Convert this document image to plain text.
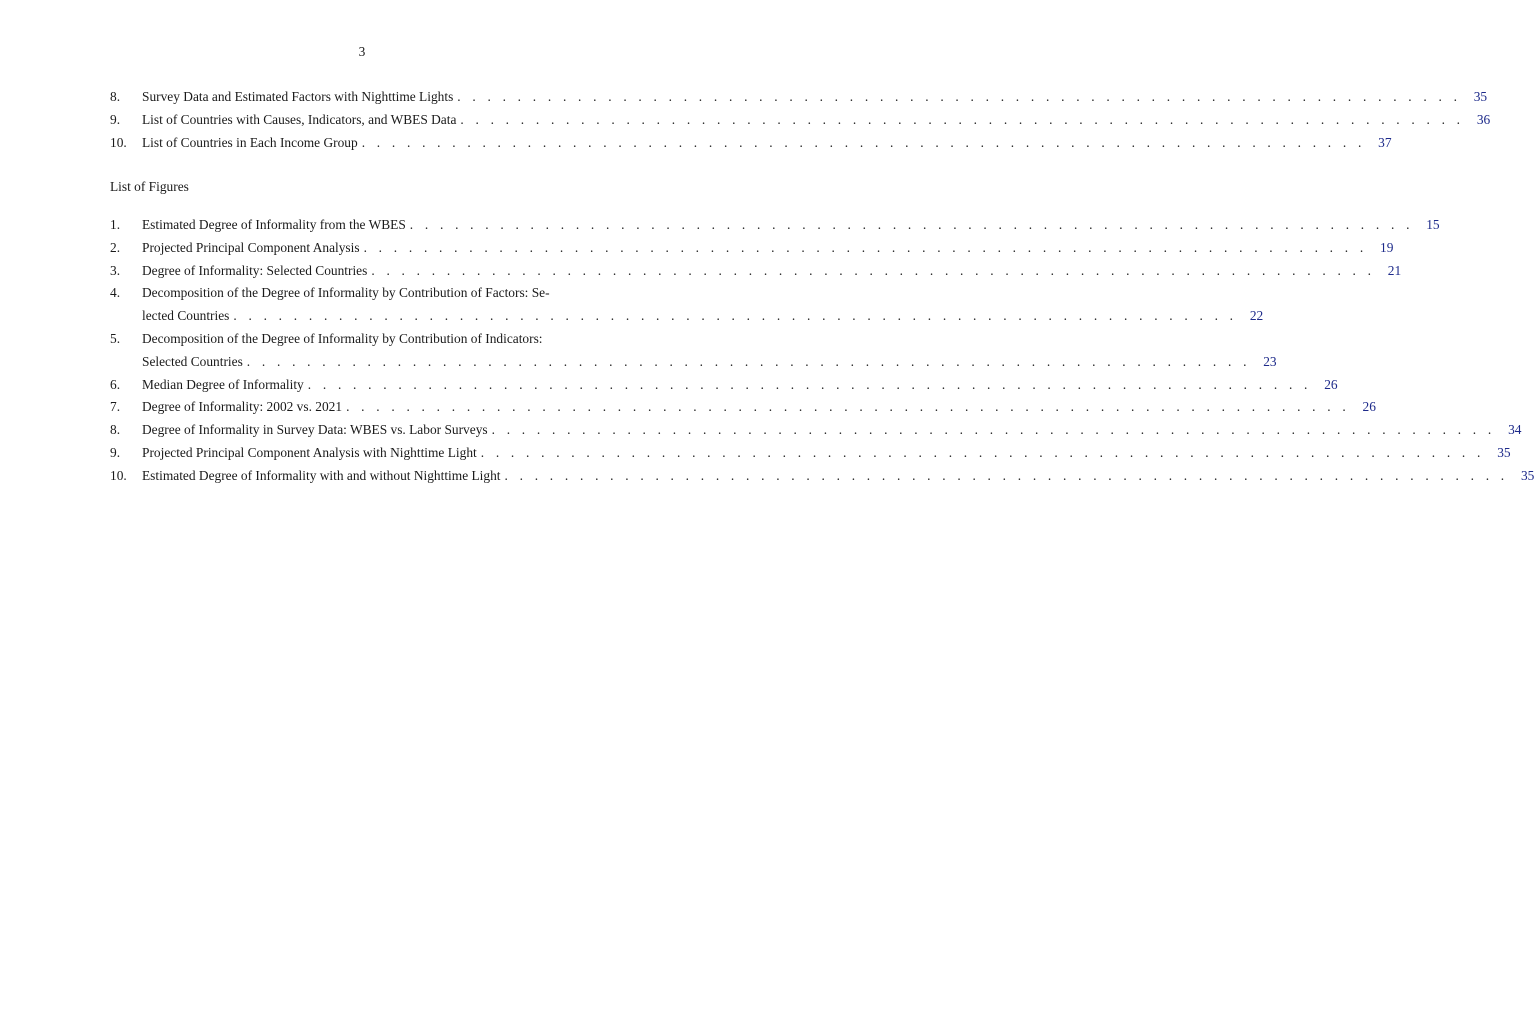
3
8.	Survey Data and Estimated Factors with Nighttime Lights . . . . . . . . . . . . . . . . . . . . . . . . . . . . . . . . . . . . . . . . . . . . . . . . . . . . . . . . . . . . . . . . . . . 35
9.	List of Countries with Causes, Indicators, and WBES Data . . . . . . . . . . . . . . . . . . . . . . . . . . . . . . . . . . . . . . . . . . . . . . . . . . . . . . . . . . . . . . . . . . . 36
10.	List of Countries in Each Income Group . . . . . . . . . . . . . . . . . . . . . . . . . . . . . . . . . . . . . . . . . . . . . . . . . . . . . . . . . . . . . . . . . . . 37
List of Figures
1.	Estimated Degree of Informality from the WBES . . . . . . . . . . . . . . . . . . . . . . . . . . . . . . . . . . . . . . . . . . . . . . . . . . . . . . . . . . . . . . . . . . . 15
2.	Projected Principal Component Analysis . . . . . . . . . . . . . . . . . . . . . . . . . . . . . . . . . . . . . . . . . . . . . . . . . . . . . . . . . . . . . . . . . . . 19
3.	Degree of Informality: Selected Countries . . . . . . . . . . . . . . . . . . . . . . . . . . . . . . . . . . . . . . . . . . . . . . . . . . . . . . . . . . . . . . . . . . . 21
4.	Decomposition of the Degree of Informality by Contribution of Factors: Se-
lected Countries . . . . . . . . . . . . . . . . . . . . . . . . . . . . . . . . . . . . . . . . . . . . . . . . . . . . . . . . . . . . . . . . . . . 22
5.	Decomposition of the Degree of Informality by Contribution of Indicators:
Selected Countries . . . . . . . . . . . . . . . . . . . . . . . . . . . . . . . . . . . . . . . . . . . . . . . . . . . . . . . . . . . . . . . . . . . 23
6.	Median Degree of Informality . . . . . . . . . . . . . . . . . . . . . . . . . . . . . . . . . . . . . . . . . . . . . . . . . . . . . . . . . . . . . . . . . . . 26
7.	Degree of Informality: 2002 vs. 2021 . . . . . . . . . . . . . . . . . . . . . . . . . . . . . . . . . . . . . . . . . . . . . . . . . . . . . . . . . . . . . . . . . . . 26
8.	Degree of Informality in Survey Data: WBES vs. Labor Surveys . . . . . . . . . . . . . . . . . . . . . . . . . . . . . . . . . . . . . . . . . . . . . . . . . . . . . . . . . . . . . . . . . . . 34
9.	Projected Principal Component Analysis with Nighttime Light . . . . . . . . . . . . . . . . . . . . . . . . . . . . . . . . . . . . . . . . . . . . . . . . . . . . . . . . . . . . . . . . . . . 35
10.	Estimated Degree of Informality with and without Nighttime Light . . . . . . . . . . . . . . . . . . . . . . . . . . . . . . . . . . . . . . . . . . . . . . . . . . . . . . . . . . . . . . . . . . . 35
